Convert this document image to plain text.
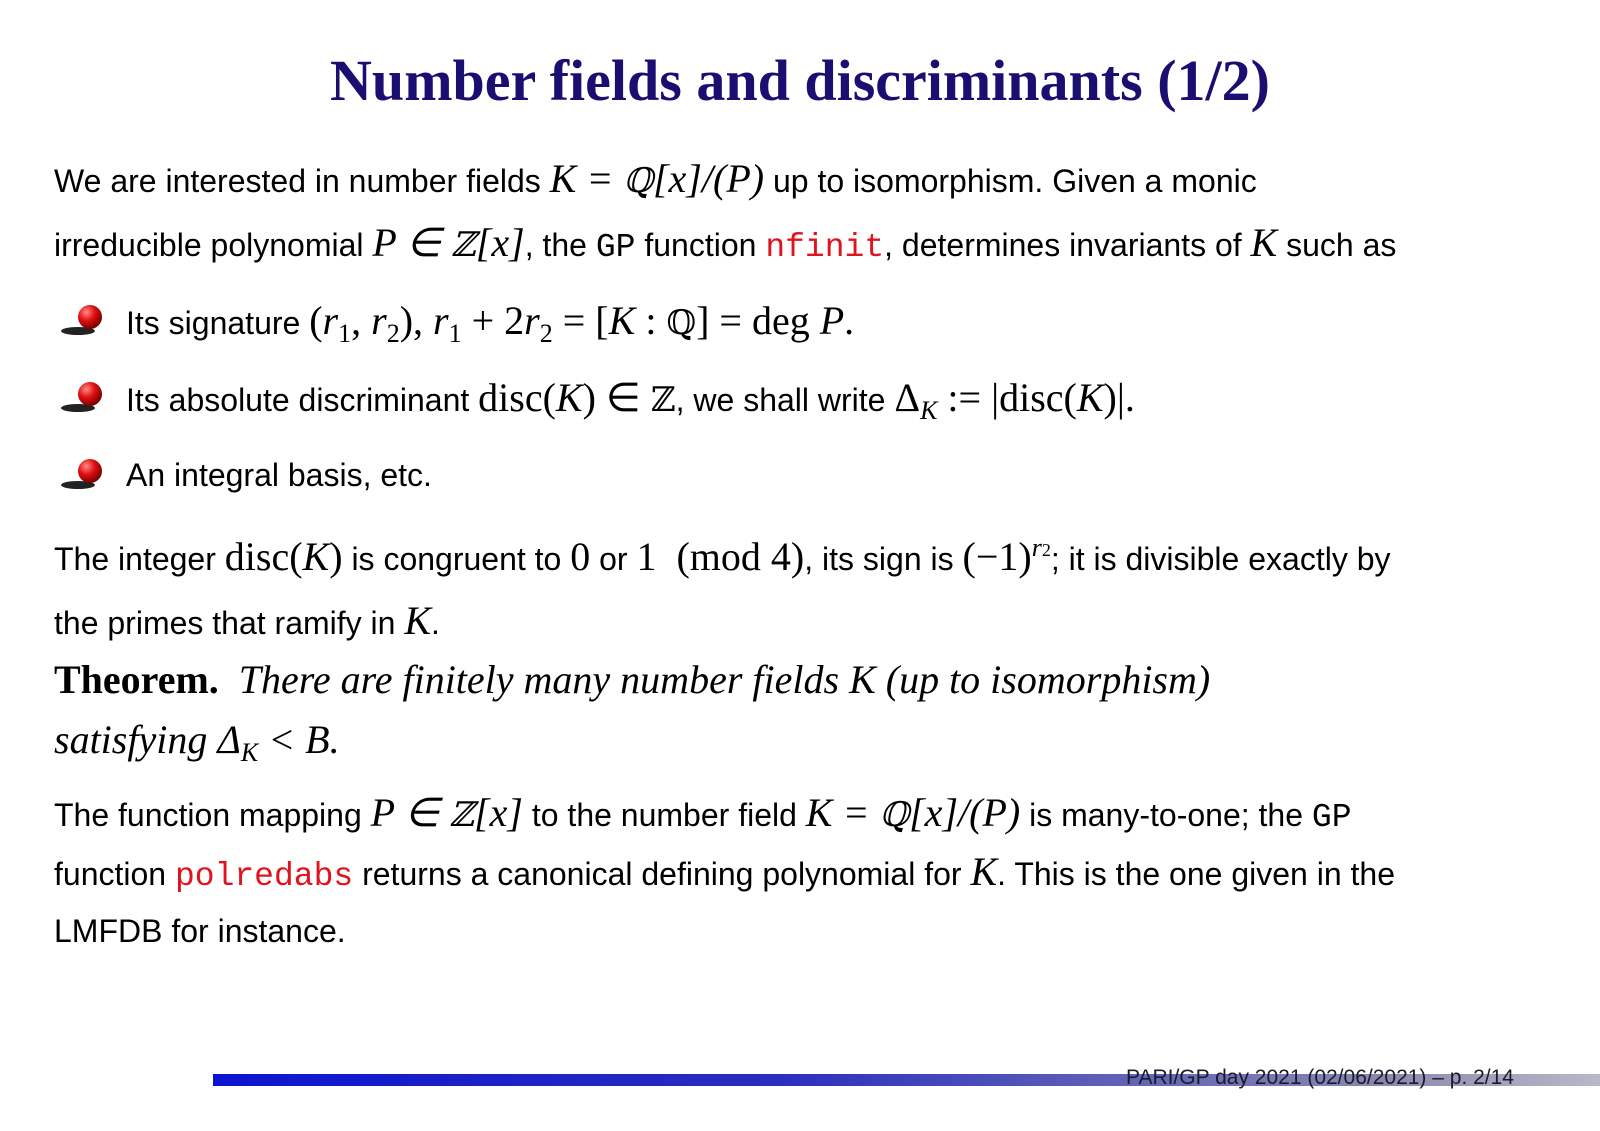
Number fields and discriminants (1/2)
We are interested in number fields K = ℚ[x]/(P) up to isomorphism. Given a monic
irreducible polynomial P ∈ ℤ[x], the GP function nfinit, determines invariants of K such as
Its signature ($r_1$, $r_2$), $r_1 + 2r_2 = [K$ : ℚ] = deg P.
Its absolute discriminant disc(K) ∈ ℤ, we shall write $\Delta_K$ := |disc(K)|.
An integral basis, etc.
The integer disc(K) is congruent to 0 or 1  (mod 4), its sign is $(-1)^{r2}$; it is divisible exactly by
the primes that ramify in K.
Theorem.  There are finitely many number fields K (up to isomorphism)
satisfying $\Delta_K < B$.
The function mapping P ∈ ℤ[x] to the number field K = ℚ[x]/(P) is many-to-one; the GP
function polredabs returns a canonical defining polynomial for K. This is the one given in the
LMFDB for instance.
PARI/GP day 2021 (02/06/2021) – p. 2/14
